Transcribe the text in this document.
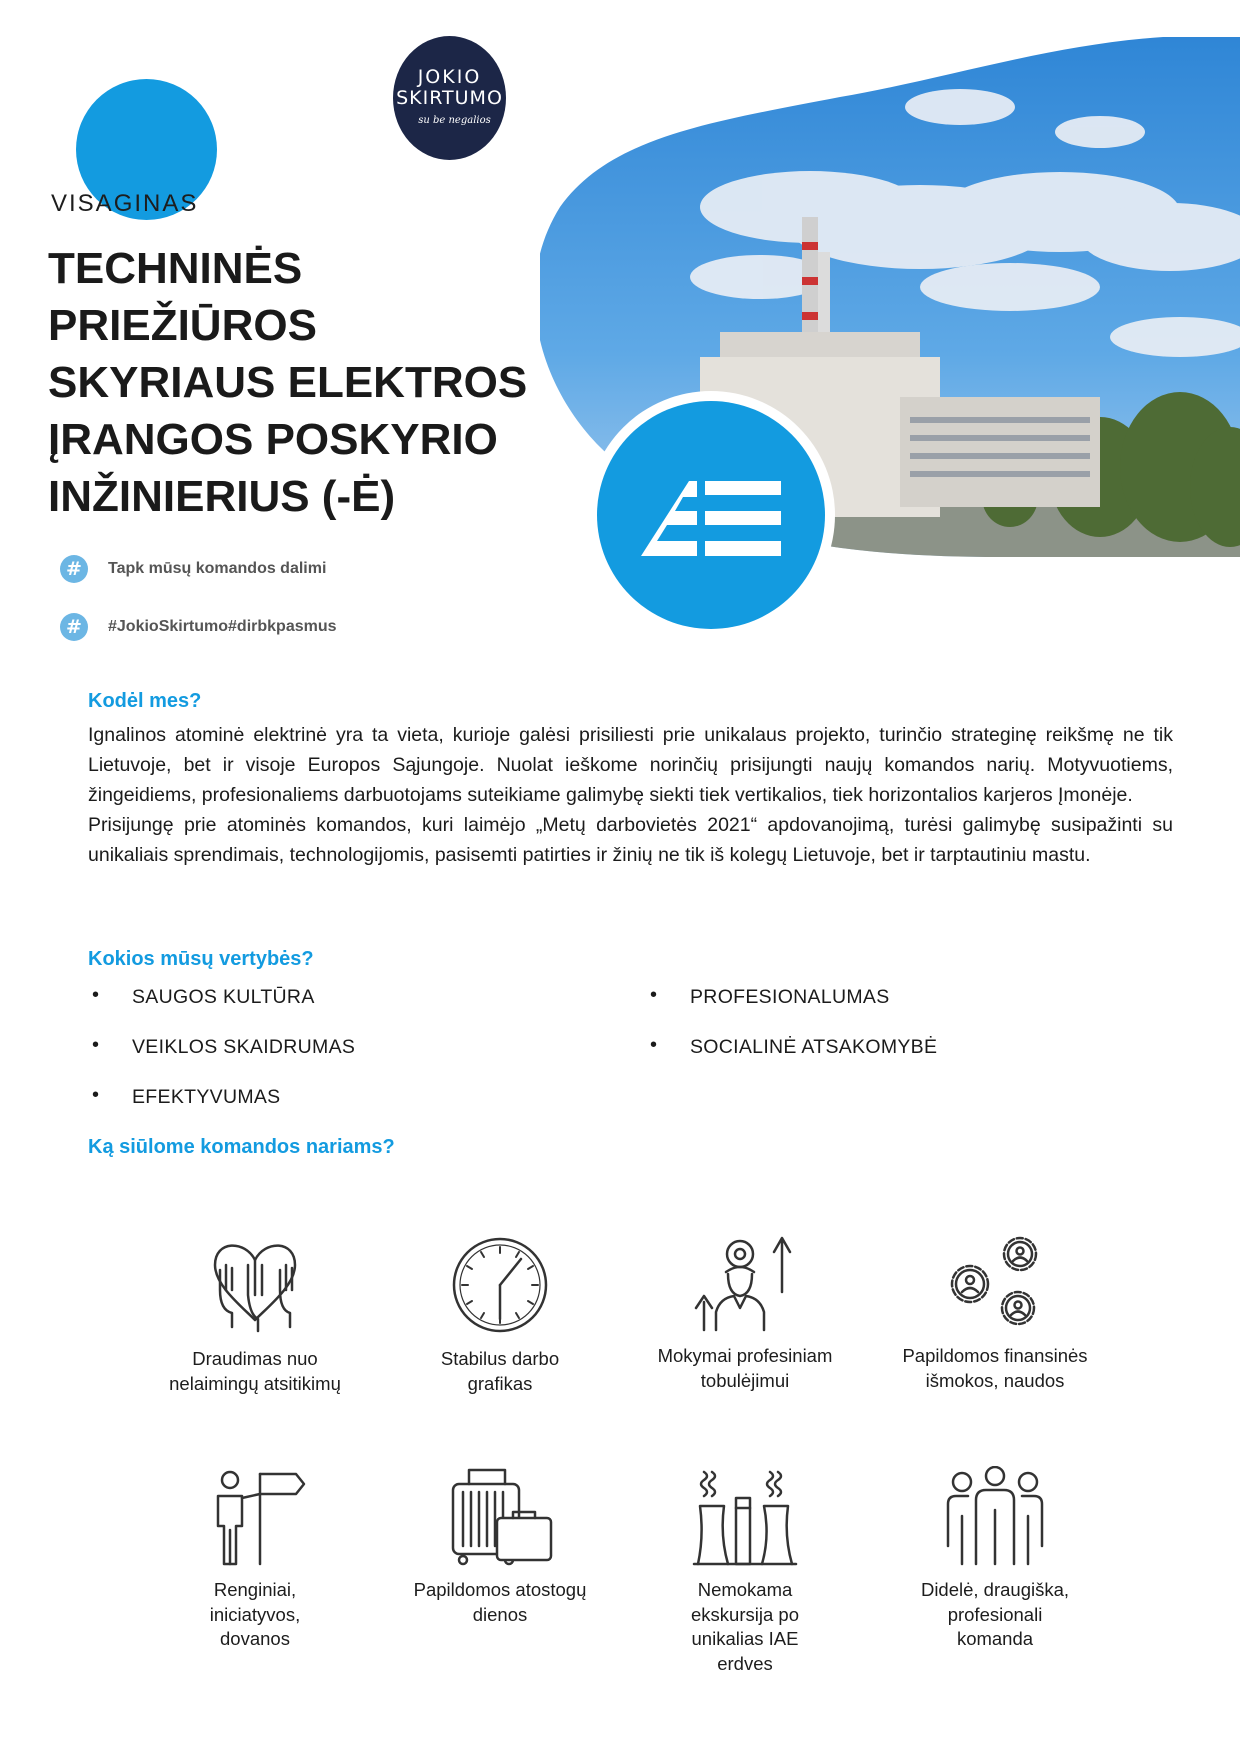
JOKIO
SKIRTUMO
su be negalios
VISAGINAS
TECHNINĖS
PRIEŽIŪROS
SKYRIAUS ELEKTROS
ĮRANGOS POSKYRIO
INŽINIERIUS (-Ė)
#	Tapk mūsų komandos dalimi
#	#JokioSkirtumo#dirbkpasmus
Kodėl mes?

Ignalinos atominė elektrinė yra ta vieta, kurioje galėsi prisiliesti prie unikalaus projekto, turinčio strateginę reikšmę ne tik Lietuvoje, bet ir visoje Europos Sąjungoje. Nuolat ieškome norinčių prisijungti naujų komandos narių. Motyvuotiems, žingeidiems, profesionaliems darbuotojams suteikiame galimybę siekti tiek vertikalios, tiek horizontalios karjeros Įmonėje.

Prisijungę prie atominės komandos, kuri laimėjo „Metų darbovietės 2021“ apdovanojimą, turėsi galimybę susipažinti su unikaliais sprendimais, technologijomis, pasisemti patirties ir žinių ne tik iš kolegų Lietuvoje, bet ir tarptautiniu mastu.

Kokios mūsų vertybės?
• SAUGOS KULTŪRA	• PROFESIONALUMAS
• VEIKLOS SKAIDRUMAS	• SOCIALINĖ ATSAKOMYBĖ
• EFEKTYVUMAS
Ką siūlome komandos nariams?
Draudimas nuo nelaimingų atsitikimų
Stabilus darbo grafikas
Mokymai profesiniam tobulėjimui
Papildomos finansinės išmokos, naudos
Renginiai, iniciatyvos, dovanos
Papildomos atostogų dienos
Nemokama ekskursija po unikalias IAE erdves
Didelė, draugiška, profesionali komanda
